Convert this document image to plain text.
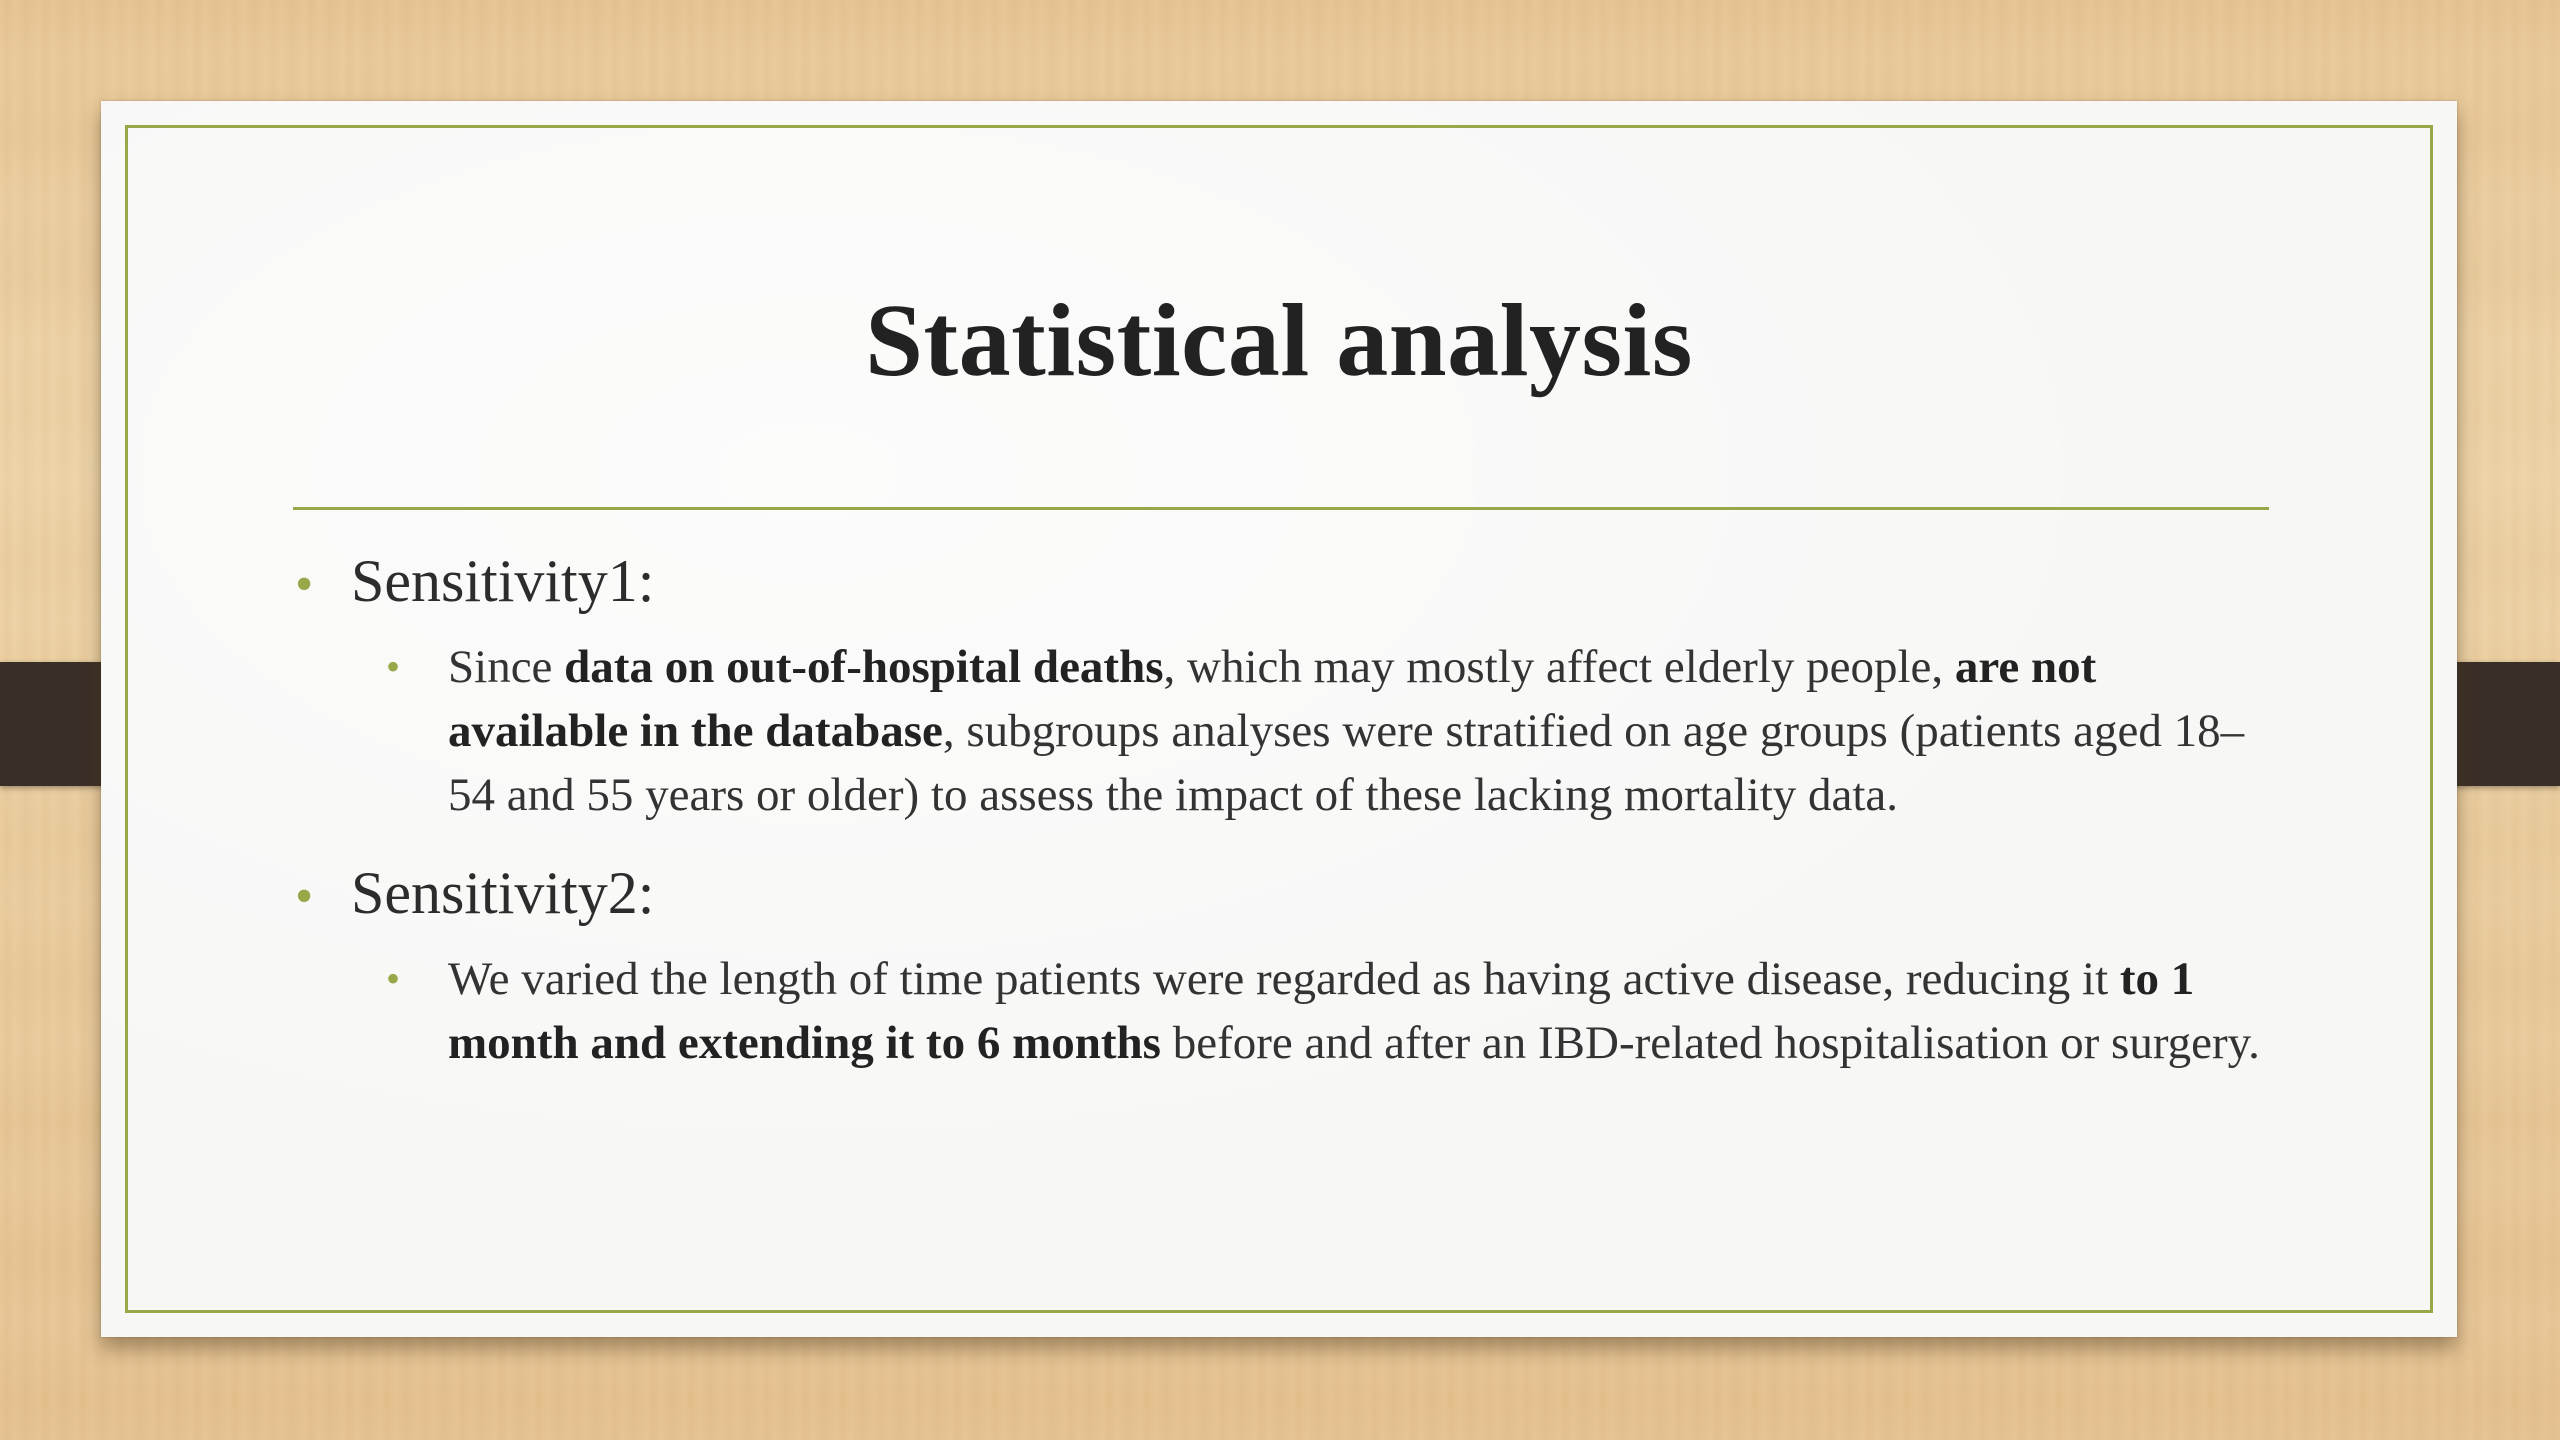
Statistical analysis
• Sensitivity1:
• Since data on out-of-hospital deaths, which may mostly affect elderly people, are not available in the database, subgroups analyses were stratified on age groups (patients aged 18–54 and 55 years or older) to assess the impact of these lacking mortality data.
• Sensitivity2:
• We varied the length of time patients were regarded as having active disease, reducing it to 1 month and extending it to 6 months before and after an IBD-related hospitalisation or surgery.
